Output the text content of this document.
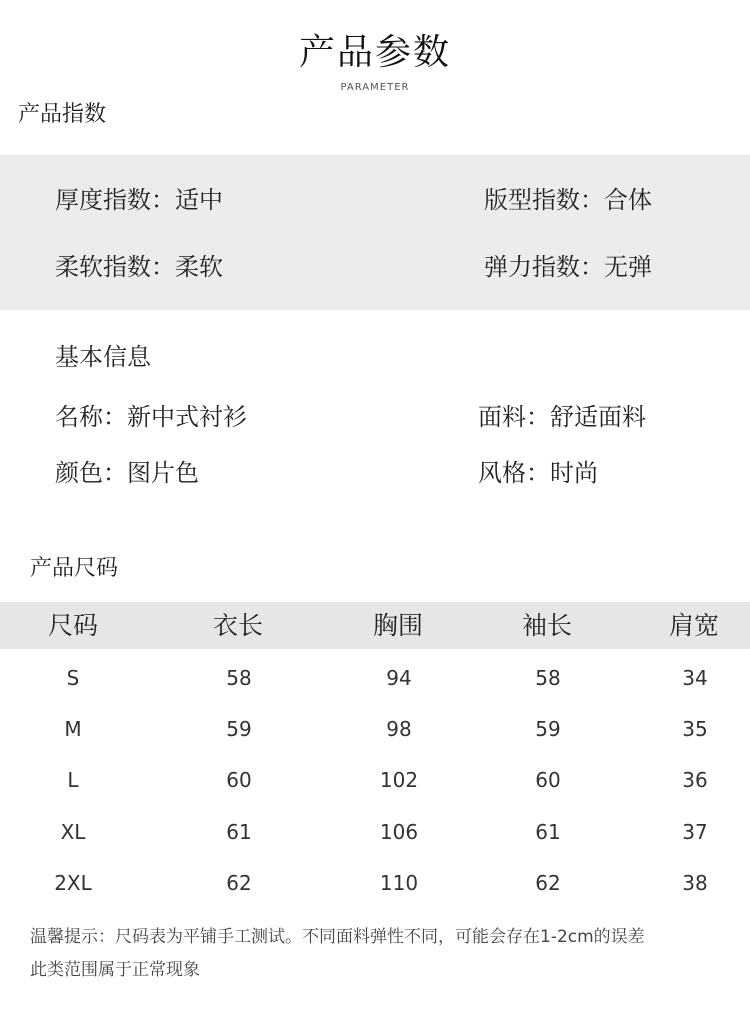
产品参数
PARAMETER
产品指数
厚度指数：适中	版型指数：合体
柔软指数：柔软	弹力指数：无弹
基本信息
名称：新中式衬衫	面料：舒适面料
颜色：图片色	风格：时尚
产品尺码
尺码	衣长	胸围	袖长	肩宽
S	58	94	58	34
M	59	98	59	35
L	60	102	60	36
XL	61	106	61	37
2XL	62	110	62	38
温馨提示：尺码表为平铺手工测试。不同面料弹性不同，可能会存在1-2cm的误差
此类范围属于正常现象
